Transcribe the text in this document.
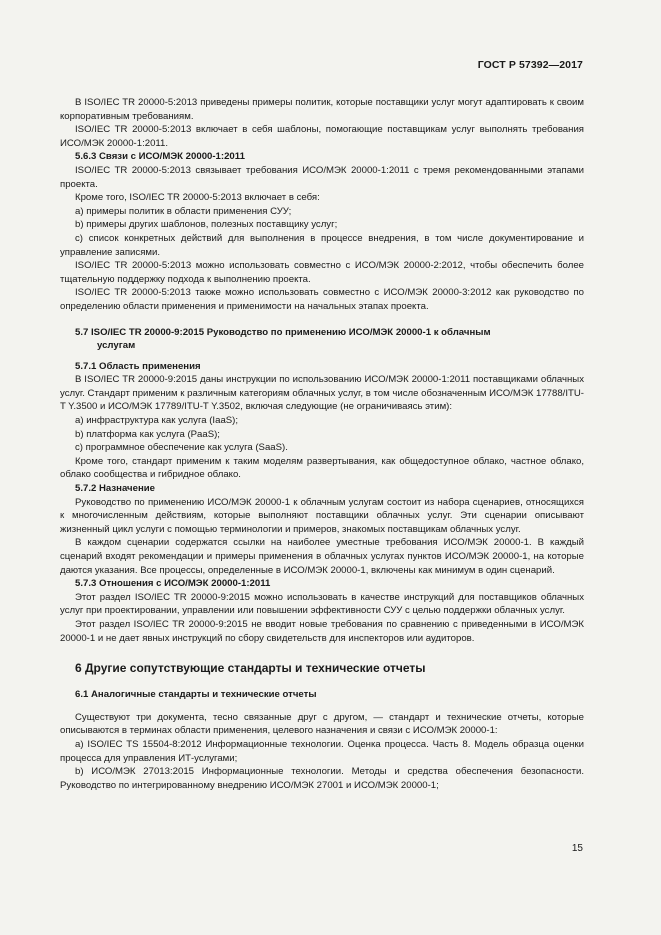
ГОСТ Р 57392—2017

В ISO/IEC TR 20000-5:2013 приведены примеры политик, которые поставщики услуг могут адаптировать к своим корпоративным требованиям.

ISO/IEC TR 20000-5:2013 включает в себя шаблоны, помогающие поставщикам услуг выполнять требования ИСО/МЭК 20000-1:2011.

5.6.3 Связи с ИСО/МЭК 20000-1:2011

ISO/IEC TR 20000-5:2013 связывает требования ИСО/МЭК 20000-1:2011 с тремя рекомендованными этапами проекта.

Кроме того, ISO/IEC TR 20000-5:2013 включает в себя:

a) примеры политик в области применения СУУ;

b) примеры других шаблонов, полезных поставщику услуг;

c) список конкретных действий для выполнения в процессе внедрения, в том числе документирование и управление записями.

ISO/IEC TR 20000-5:2013 можно использовать совместно с ИСО/МЭК 20000-2:2012, чтобы обеспечить более тщательную поддержку подхода к выполнению проекта.

ISO/IEC TR 20000-5:2013 также можно использовать совместно с ИСО/МЭК 20000-3:2012 как руководство по определению области применения и применимости на начальных этапах проекта.

5.7 ISO/IEC TR 20000-9:2015 Руководство по применению ИСО/МЭК 20000-1 к облачным
услугам

5.7.1 Область применения

В ISO/IEC TR 20000-9:2015 даны инструкции по использованию ИСО/МЭК 20000-1:2011 поставщиками облачных услуг. Стандарт применим к различным категориям облачных услуг, в том числе обозначенным ИСО/МЭК 17788/ITU-T Y.3500 и ИСО/МЭК 17789/ITU-T Y.3502, включая следующие (не ограничиваясь этим):

a) инфраструктура как услуга (IaaS);

b) платформа как услуга (PaaS);

c) программное обеспечение как услуга (SaaS).

Кроме того, стандарт применим к таким моделям развертывания, как общедоступное облако, частное облако, облако сообщества и гибридное облако.

5.7.2 Назначение

Руководство по применению ИСО/МЭК 20000-1 к облачным услугам состоит из набора сценариев, относящихся к многочисленным действиям, которые выполняют поставщики облачных услуг. Эти сценарии описывают жизненный цикл услуги с помощью терминологии и примеров, знакомых поставщикам облачных услуг.

В каждом сценарии содержатся ссылки на наиболее уместные требования ИСО/МЭК 20000-1. В каждый сценарий входят рекомендации и примеры применения в облачных услугах пунктов ИСО/МЭК 20000-1, на которые даются указания. Все процессы, определенные в ИСО/МЭК 20000-1, включены как минимум в один сценарий.

5.7.3 Отношения с ИСО/МЭК 20000-1:2011

Этот раздел ISO/IEC TR 20000-9:2015 можно использовать в качестве инструкций для поставщиков облачных услуг при проектировании, управлении или повышении эффективности СУУ с целью поддержки облачных услуг.

Этот раздел ISO/IEC TR 20000-9:2015 не вводит новые требования по сравнению с приведенными в ИСО/МЭК 20000-1 и не дает явных инструкций по сбору свидетельств для инспекторов или аудиторов.

6 Другие сопутствующие стандарты и технические отчеты

6.1 Аналогичные стандарты и технические отчеты

Существуют три документа, тесно связанные друг с другом, — стандарт и технические отчеты, которые описываются в терминах области применения, целевого назначения и связи с ИСО/МЭК 20000-1:

a) ISO/IEC TS 15504-8:2012 Информационные технологии. Оценка процесса. Часть 8. Модель образца оценки процесса для управления ИТ-услугами;

b) ИСО/МЭК 27013:2015 Информационные технологии. Методы и средства обеспечения безопасности. Руководство по интегрированному внедрению ИСО/МЭК 27001 и ИСО/МЭК 20000-1;

15
